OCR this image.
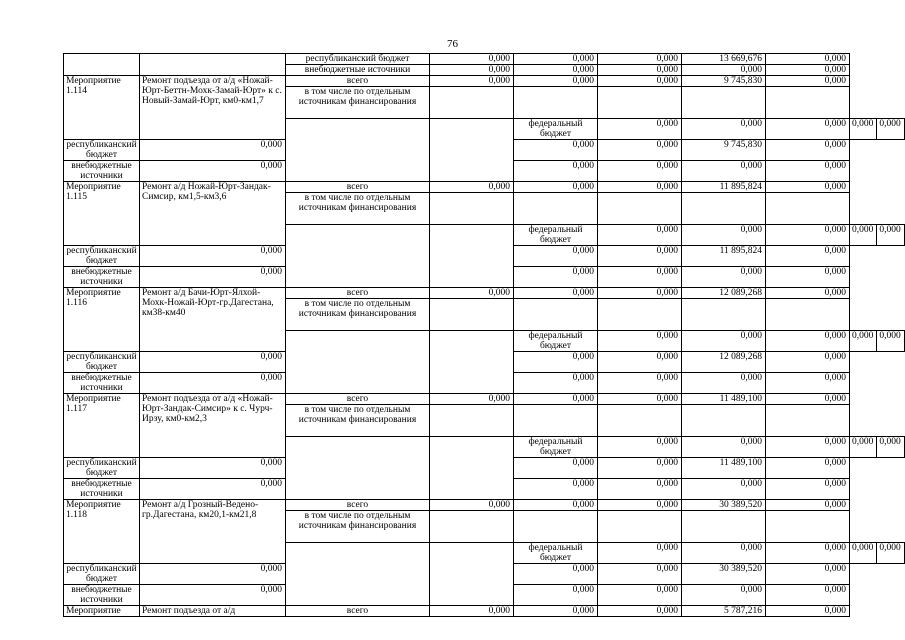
76
		республиканский бюджет	0,000	0,000	0,000	13 669,676	0,000		
		внебюджетные источники	0,000	0,000	0,000	0,000	0,000		
Мероприятие 1.114	Ремонт подъезда от а/д «Ножай-Юрт-Беттн-Мохк-Замай-Юрт» к с. Новый-Замай-Юрт, км0-км1,7	всего	0,000	0,000	0,000	9 745,830	0,000		
		в том числе по отдельным источникам финансирования							
				федеральный бюджет	0,000	0,000	0,000	0,000	0,000
республиканский бюджет	0,000			0,000	0,000	9 745,830	0,000		
внебюджетные источники	0,000			0,000	0,000	0,000	0,000		
Мероприятие 1.115	Ремонт а/д Ножай-Юрт-Зандак-Симсир, км1,5-км3,6	всего	0,000	0,000	0,000	11 895,824	0,000		
		в том числе по отдельным источникам финансирования							
				федеральный бюджет	0,000	0,000	0,000	0,000	0,000
республиканский бюджет	0,000			0,000	0,000	11 895,824	0,000		
внебюджетные источники	0,000			0,000	0,000	0,000	0,000		
Мероприятие 1.116	Ремонт а/д Бачи-Юрт-Ялхой-Мохк-Ножай-Юрт-гр.Дагестана, км38-км40	всего	0,000	0,000	0,000	12 089,268	0,000		
		в том числе по отдельным источникам финансирования							
				федеральный бюджет	0,000	0,000	0,000	0,000	0,000
республиканский бюджет	0,000			0,000	0,000	12 089,268	0,000		
внебюджетные источники	0,000			0,000	0,000	0,000	0,000		
Мероприятие 1.117	Ремонт подъезда от а/д «Ножай-Юрт-Зандак-Симсир» к с. Чурч-Ирзу, км0-км2,3	всего	0,000	0,000	0,000	11 489,100	0,000		
		в том числе по отдельным источникам финансирования							
				федеральный бюджет	0,000	0,000	0,000	0,000	0,000
республиканский бюджет	0,000			0,000	0,000	11 489,100	0,000		
внебюджетные источники	0,000			0,000	0,000	0,000	0,000		
Мероприятие 1.118	Ремонт а/д Грозный-Ведено-гр.Дагестана, км20,1-км21,8	всего	0,000	0,000	0,000	30 389,520	0,000		
		в том числе по отдельным источникам финансирования							
				федеральный бюджет	0,000	0,000	0,000	0,000	0,000
республиканский бюджет	0,000			0,000	0,000	30 389,520	0,000		
внебюджетные источники	0,000			0,000	0,000	0,000	0,000		
Мероприятие	Ремонт подъезда от а/д	всего	0,000	0,000	0,000	5 787,216	0,000		
